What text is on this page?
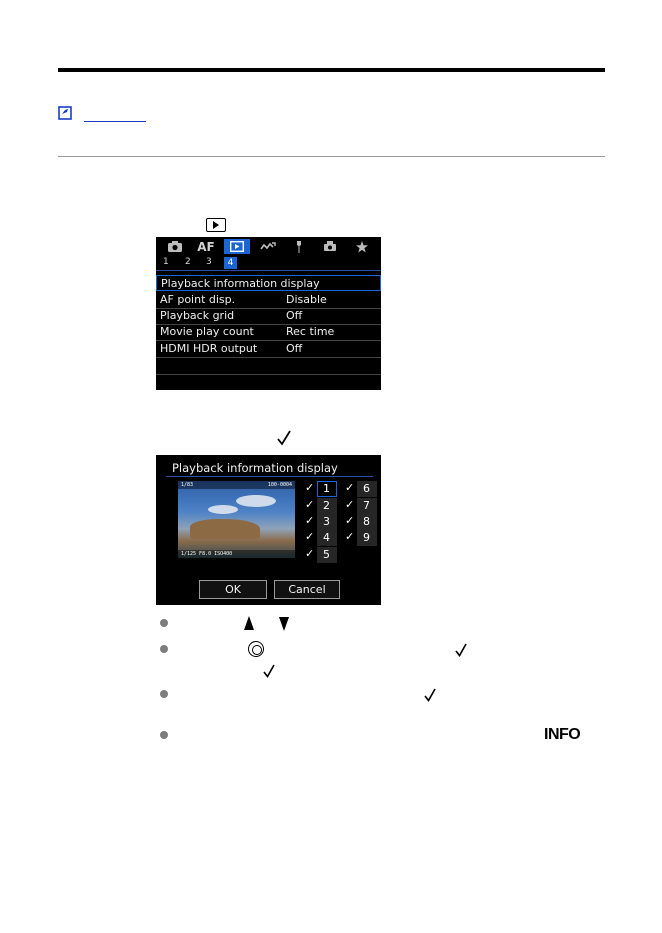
AF
1 2 3	4
Playback information display
AF point disp.	Disable
Playback grid	Off
Movie play count	Rec time
HDMI HDR output	Off
Playback information display
1/83	100-0004
1/125 F8.0 ISO400
✓ 1
✓ 2
✓ 3
✓ 4
✓ 5
✓ 6
✓ 7
✓ 8
✓ 9
OK	Cancel
INFO
